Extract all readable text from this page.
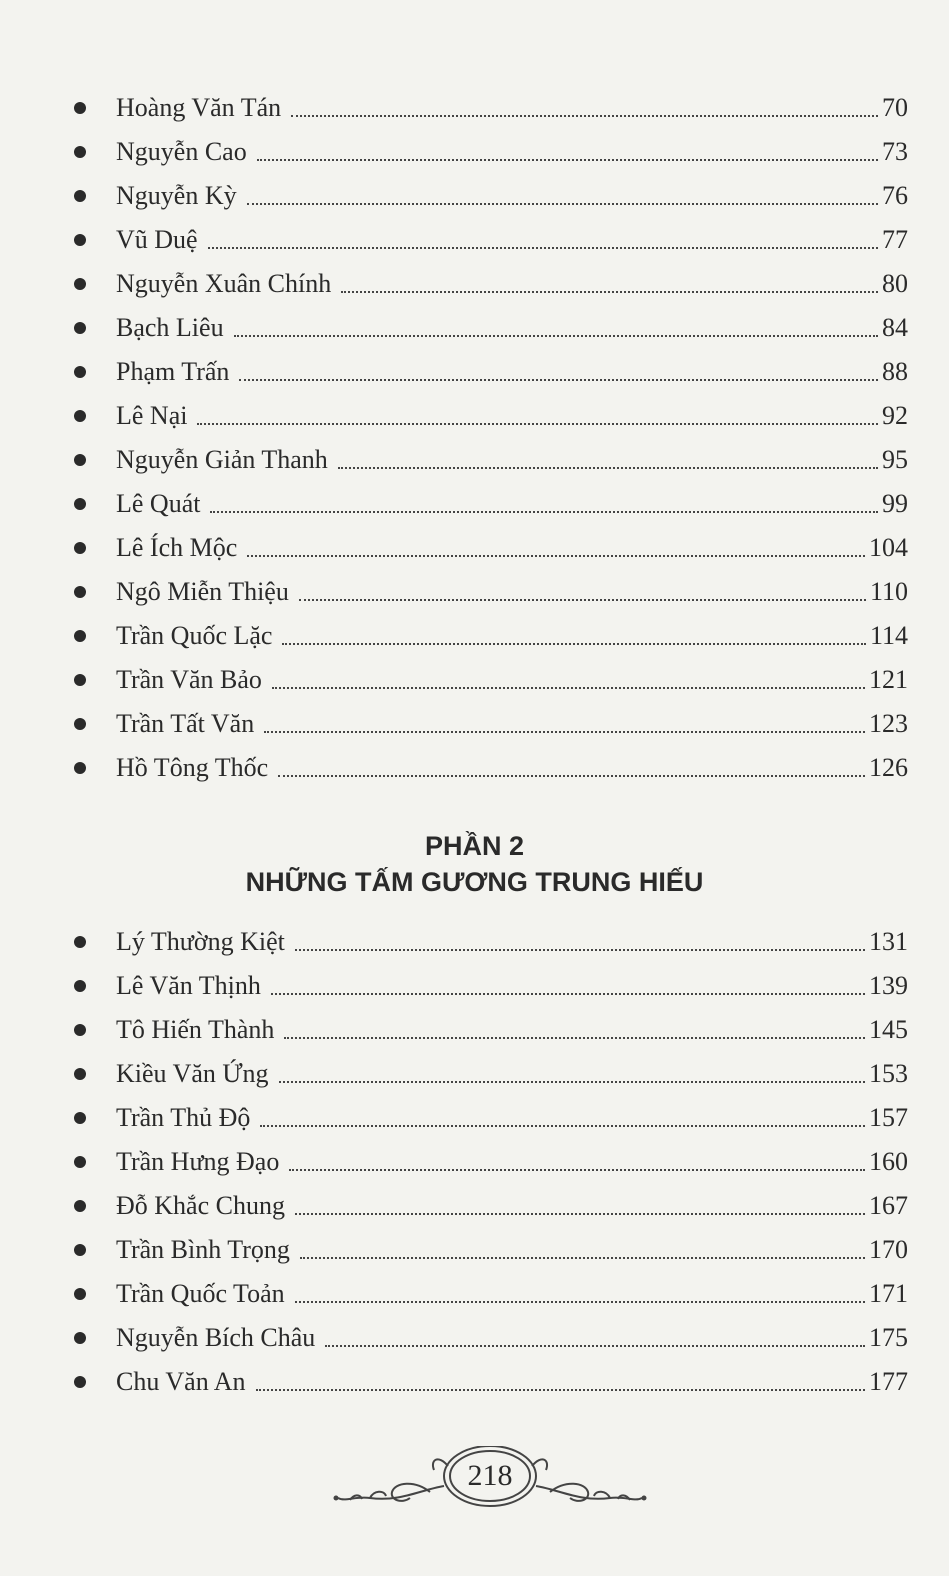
Hoàng Văn Tán	70
Nguyễn Cao	73
Nguyễn Kỳ	76
Vũ Duệ	77
Nguyễn Xuân Chính	80
Bạch Liêu	84
Phạm Trấn	88
Lê Nại	92
Nguyễn Giản Thanh	95
Lê Quát	99
Lê Ích Mộc	104
Ngô Miễn Thiệu	110
Trần Quốc Lặc	114
Trần Văn Bảo	121
Trần Tất Văn	123
Hồ Tông Thốc	126
PHẦN 2
NHỮNG TẤM GƯƠNG TRUNG HIẾU
Lý Thường Kiệt	131
Lê Văn Thịnh	139
Tô Hiến Thành	145
Kiều Văn Ứng	153
Trần Thủ Độ	157
Trần Hưng Đạo	160
Đỗ Khắc Chung	167
Trần Bình Trọng	170
Trần Quốc Toản	171
Nguyễn Bích Châu	175
Chu Văn An	177
218
